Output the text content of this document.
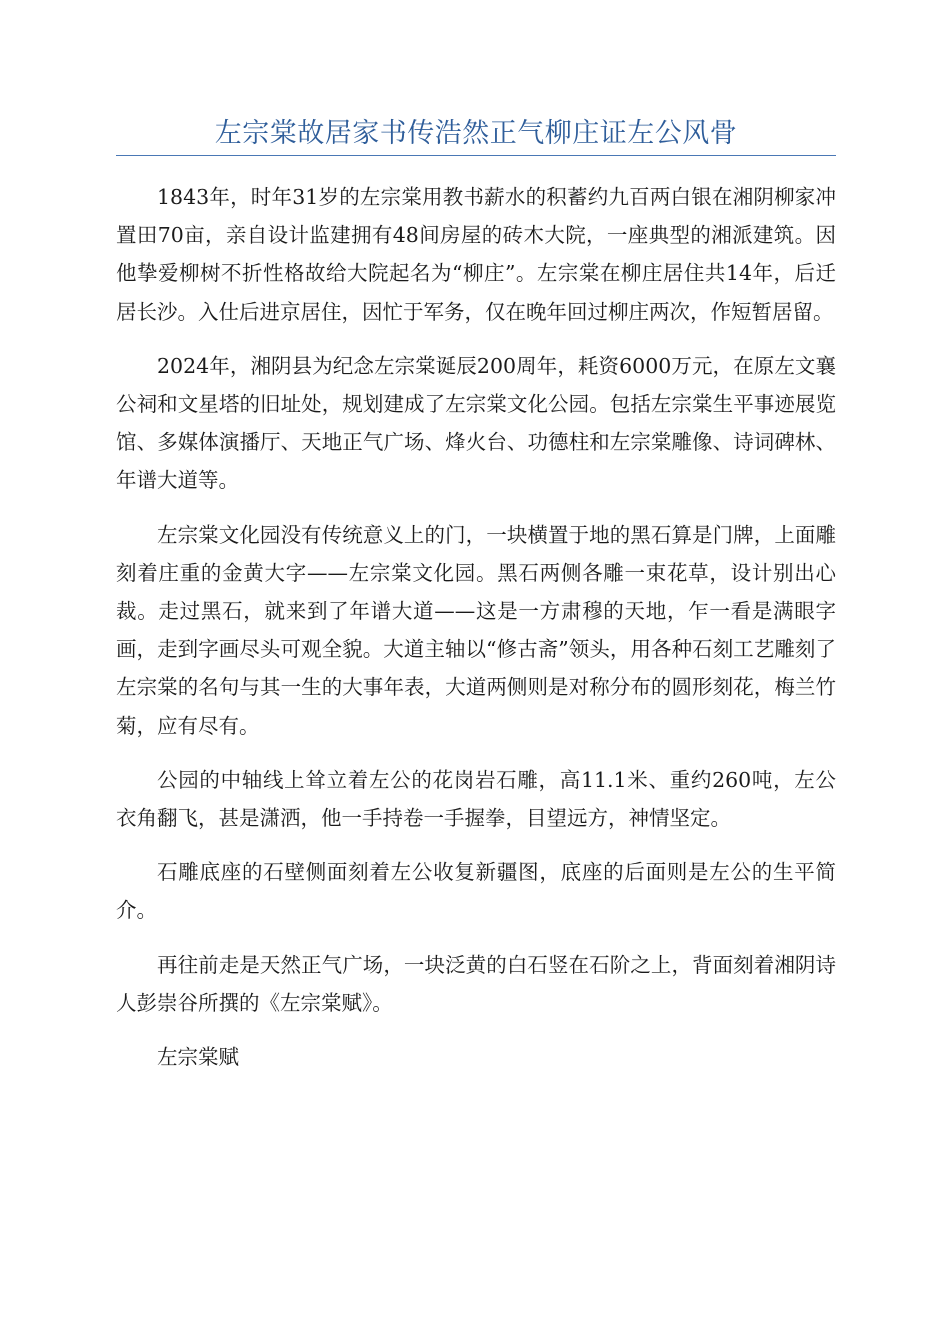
左宗棠故居家书传浩然正气柳庄证左公风骨

1843年，时年31岁的左宗棠用教书薪水的积蓄约九百两白银在湘阴柳家冲置田70亩，亲自设计监建拥有48间房屋的砖木大院，一座典型的湘派建筑。因他挚爱柳树不折性格故给大院起名为“柳庄”。左宗棠在柳庄居住共14年，后迁居长沙。入仕后进京居住，因忙于军务，仅在晚年回过柳庄两次，作短暂居留。

2024年，湘阴县为纪念左宗棠诞辰200周年，耗资6000万元，在原左文襄公祠和文星塔的旧址处，规划建成了左宗棠文化公园。包括左宗棠生平事迹展览馆、多媒体演播厅、天地正气广场、烽火台、功德柱和左宗棠雕像、诗词碑林、年谱大道等。

左宗棠文化园没有传统意义上的门，一块横置于地的黑石算是门牌，上面雕刻着庄重的金黄大字——左宗棠文化园。黑石两侧各雕一束花草，设计别出心裁。走过黑石，就来到了年谱大道——这是一方肃穆的天地，乍一看是满眼字画，走到字画尽头可观全貌。大道主轴以“修古斋”领头，用各种石刻工艺雕刻了左宗棠的名句与其一生的大事年表，大道两侧则是对称分布的圆形刻花，梅兰竹菊，应有尽有。

公园的中轴线上耸立着左公的花岗岩石雕，高11.1米、重约260吨，左公衣角翻飞，甚是潇洒，他一手持卷一手握拳，目望远方，神情坚定。

石雕底座的石壁侧面刻着左公收复新疆图，底座的后面则是左公的生平简介。

再往前走是天然正气广场，一块泛黄的白石竖在石阶之上，背面刻着湘阴诗人彭崇谷所撰的《左宗棠赋》。

左宗棠赋
